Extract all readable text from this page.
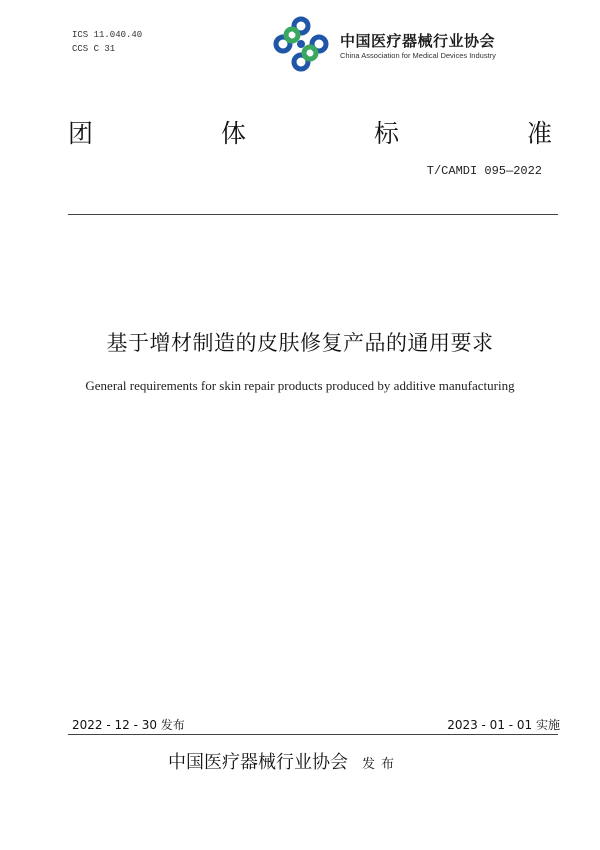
ICS 11.040.40
CCS C 31	中国医疗器械行业协会
China Association for Medical Devices Industry
团	体	标	准
T/CAMDI 095—2022
基于增材制造的皮肤修复产品的通用要求
General requirements for skin repair products produced by additive manufacturing
2022 - 12 - 30 发布	2023 - 01 - 01 实施
中国医疗器械行业协会 发布
